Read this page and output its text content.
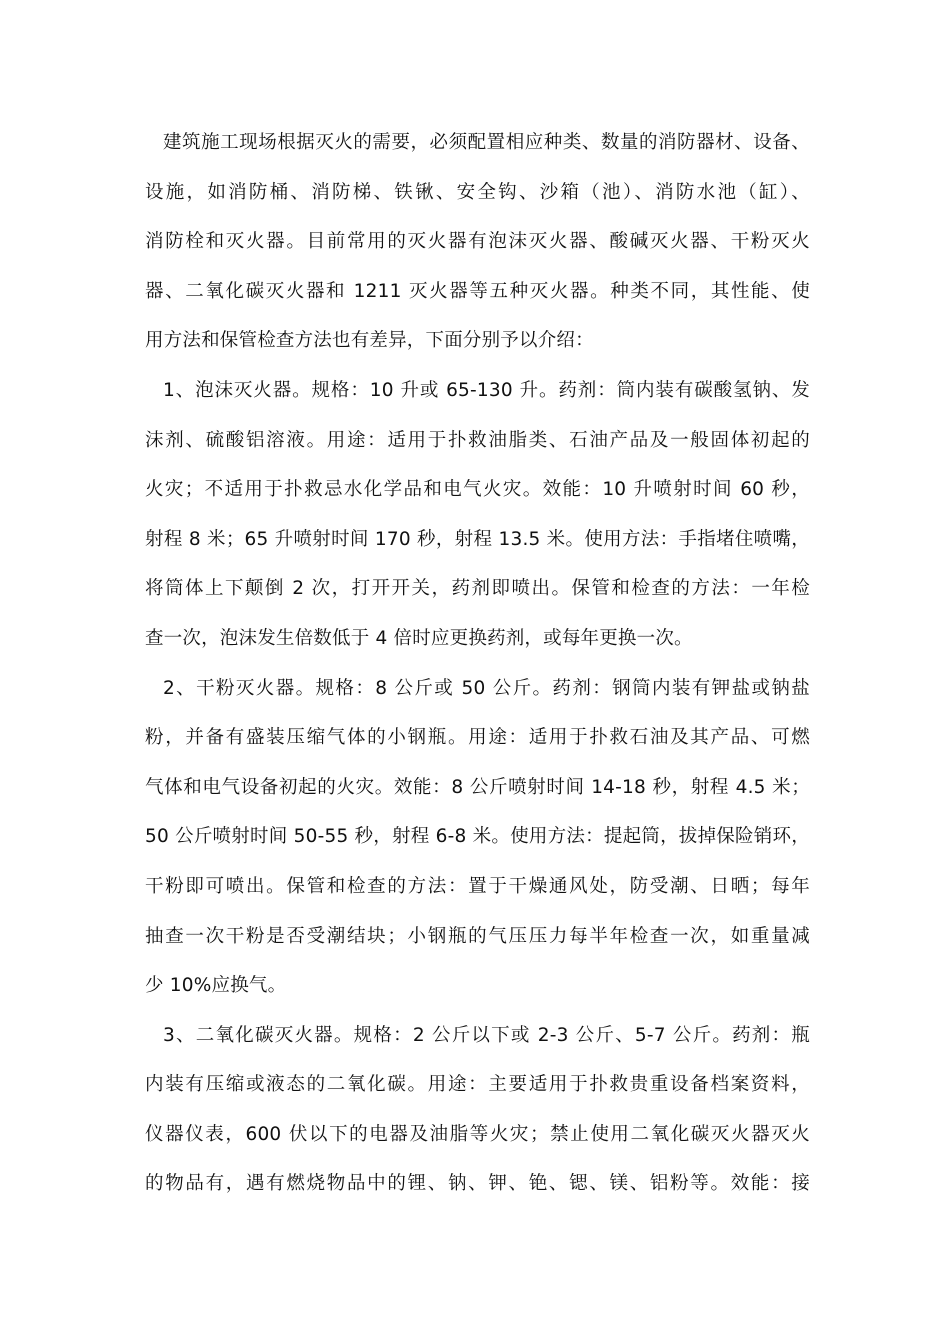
建筑施工现场根据灭火的需要，必须配置相应种类、数量的消防器材、设备、
设施，如消防桶、消防梯、铁锹、安全钩、沙箱（池）、消防水池（缸）、
消防栓和灭火器。目前常用的灭火器有泡沫灭火器、酸碱灭火器、干粉灭火
器、二氧化碳灭火器和 1211 灭火器等五种灭火器。种类不同，其性能、使
用方法和保管检查方法也有差异，下面分别予以介绍：
1、泡沫灭火器。规格：10 升或 65-130 升。药剂：筒内装有碳酸氢钠、发
沫剂、硫酸铝溶液。用途：适用于扑救油脂类、石油产品及一般固体初起的
火灾；不适用于扑救忌水化学品和电气火灾。效能：10 升喷射时间 60 秒，
射程 8 米；65 升喷射时间 170 秒，射程 13.5 米。使用方法：手指堵住喷嘴，
将筒体上下颠倒 2 次，打开开关，药剂即喷出。保管和检查的方法：一年检
查一次，泡沫发生倍数低于 4 倍时应更换药剂，或每年更换一次。
2、干粉灭火器。规格：8 公斤或 50 公斤。药剂：钢筒内装有钾盐或钠盐
粉，并备有盛装压缩气体的小钢瓶。用途：适用于扑救石油及其产品、可燃
气体和电气设备初起的火灾。效能：8 公斤喷射时间 14-18 秒，射程 4.5 米；
50 公斤喷射时间 50-55 秒，射程 6-8 米。使用方法：提起筒，拔掉保险销环，
干粉即可喷出。保管和检查的方法：置于干燥通风处，防受潮、日晒；每年
抽查一次干粉是否受潮结块；小钢瓶的气压压力每半年检查一次，如重量减
少 10%应换气。
3、二氧化碳灭火器。规格：2 公斤以下或 2-3 公斤、5-7 公斤。药剂：瓶
内装有压缩或液态的二氧化碳。用途：主要适用于扑救贵重设备档案资料，
仪器仪表，600 伏以下的电器及油脂等火灾；禁止使用二氧化碳灭火器灭火
的物品有，遇有燃烧物品中的锂、钠、钾、铯、锶、镁、铝粉等。效能：接
